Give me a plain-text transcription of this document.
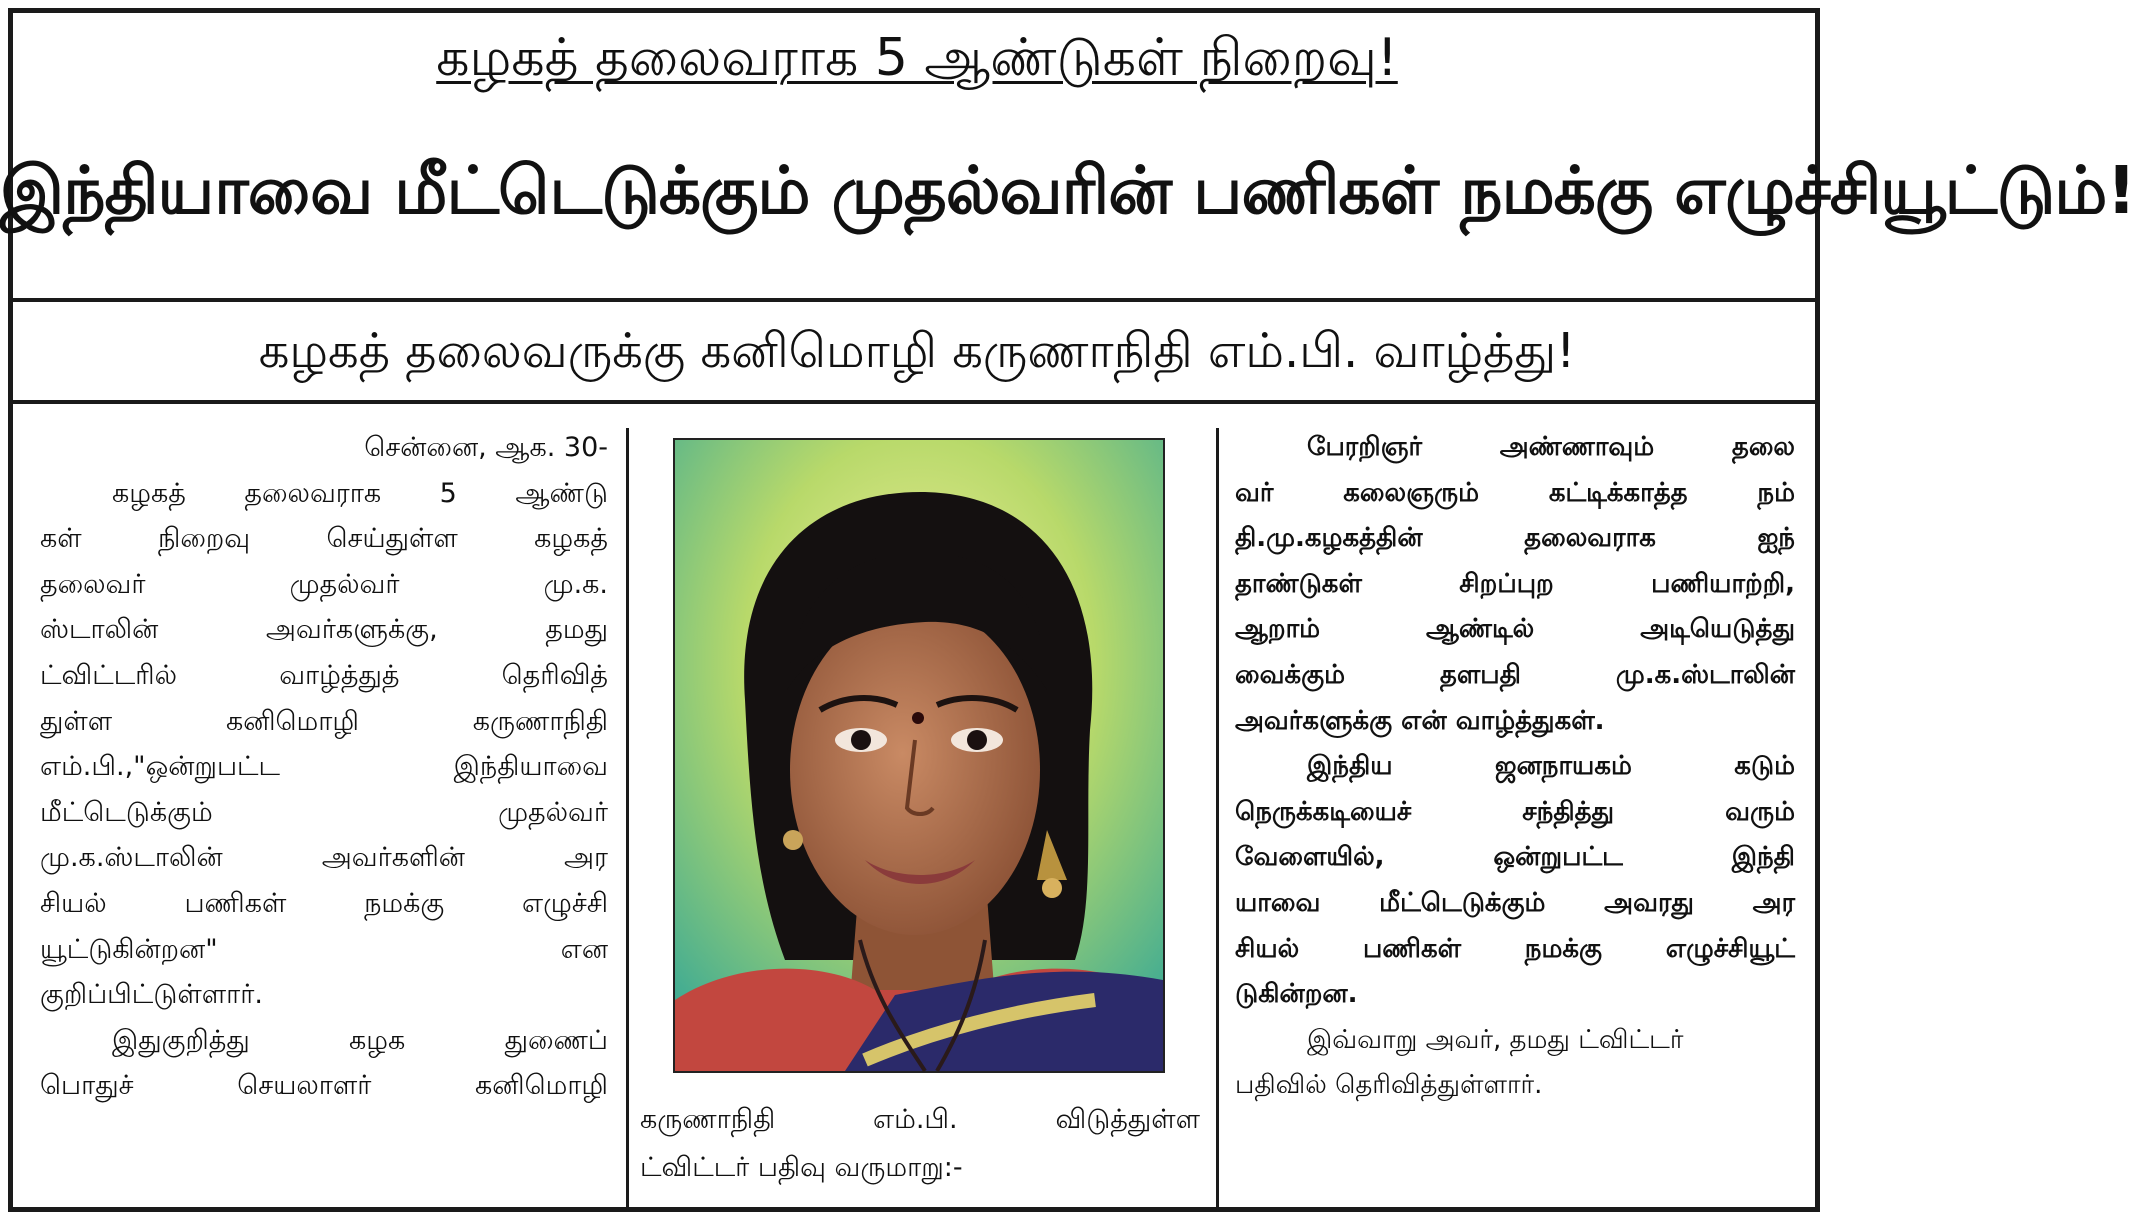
கழகத் தலைவராக 5 ஆண்டுகள் நிறைவு!
இந்தியாவை மீட்டெடுக்கும் முதல்வரின் பணிகள் நமக்கு எழுச்சியூட்டும்!
கழகத் தலைவருக்கு கனிமொழி கருணாநிதி எம்.பி. வாழ்த்து!

சென்னை, ஆக. 30-

கழகத் தலைவராக 5 ஆண்டு

கள் நிறைவு செய்துள்ள கழகத்

தலைவர் முதல்வர் மு.க.

ஸ்டாலின் அவர்களுக்கு, தமது

ட்விட்டரில் வாழ்த்துத் தெரிவித்

துள்ள கனிமொழி கருணாநிதி

எம்.பி.,"ஒன்றுபட்ட இந்தியாவை

மீட்டெடுக்கும் முதல்வர்

மு.க.ஸ்டாலின் அவர்களின் அர

சியல் பணிகள் நமக்கு எழுச்சி

யூட்டுகின்றன" என

குறிப்பிட்டுள்ளார்.

இதுகுறித்து கழக துணைப்

பொதுச் செயலாளர் கனிமொழி

கருணாநிதி எம்.பி. விடுத்துள்ள

ட்விட்டர் பதிவு வருமாறு:-

பேரறிஞர் அண்ணாவும் தலை

வர் கலைஞரும் கட்டிக்காத்த நம்

தி.மு.கழகத்தின் தலைவராக ஐந்

தாண்டுகள் சிறப்புற பணியாற்றி,

ஆறாம் ஆண்டில் அடியெடுத்து

வைக்கும் தளபதி மு.க.ஸ்டாலின்

அவர்களுக்கு என் வாழ்த்துகள்.

இந்திய ஜனநாயகம் கடும்

நெருக்கடியைச் சந்தித்து வரும்

வேளையில், ஒன்றுபட்ட இந்தி

யாவை மீட்டெடுக்கும் அவரது அர

சியல் பணிகள் நமக்கு எழுச்சியூட்

டுகின்றன.

இவ்வாறு அவர், தமது ட்விட்டர்

பதிவில் தெரிவித்துள்ளார்.
